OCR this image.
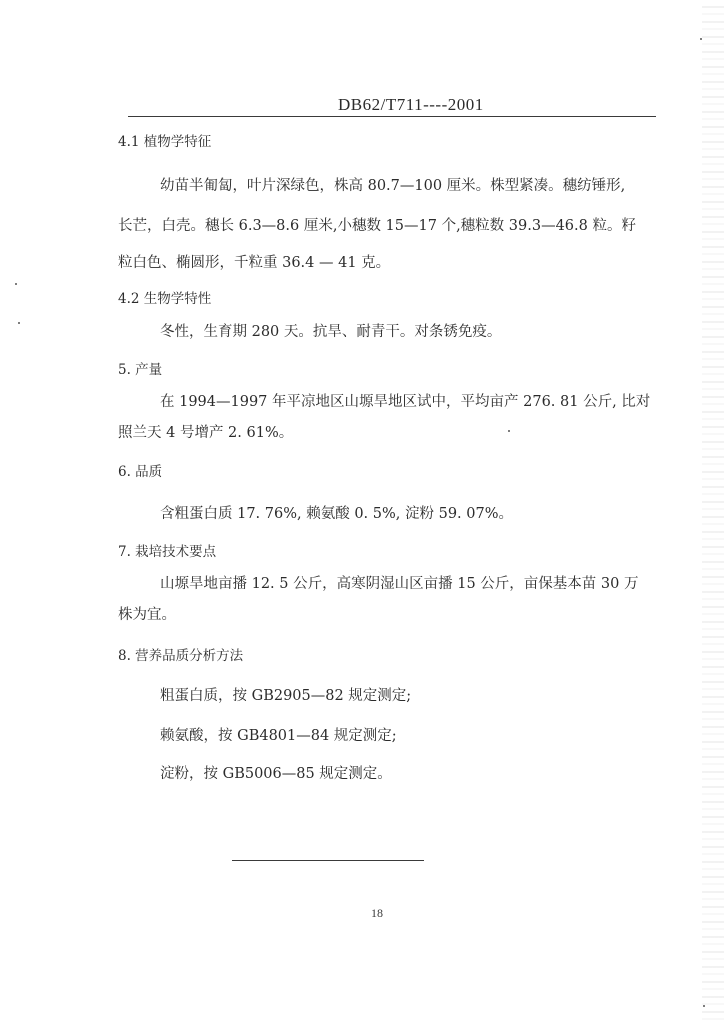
DB62/T711----2001
4.1 植物学特征
幼苗半匍匐，叶片深绿色，株高 80.7—100 厘米。株型紧凑。穗纺锤形,
长芒，白壳。穗长 6.3—8.6 厘米,小穗数 15—17 个,穗粒数 39.3—46.8 粒。籽
粒白色、椭圆形，千粒重 36.4 — 41 克。
4.2 生物学特性
冬性，生育期 280 天。抗旱、耐青干。对条锈免疫。
5. 产量
在 1994—1997 年平凉地区山塬旱地区试中，平均亩产 276. 81 公斤, 比对
照兰天 4 号增产 2. 61%。
6. 品质
含粗蛋白质 17. 76%, 赖氨酸 0. 5%, 淀粉 59. 07%。
7. 栽培技术要点
山塬旱地亩播 12. 5 公斤，高寒阴湿山区亩播 15 公斤，亩保基本苗 30 万
株为宜。
8. 营养品质分析方法
粗蛋白质，按 GB2905—82 规定测定;
赖氨酸，按 GB4801—84 规定测定;
淀粉，按 GB5006—85 规定测定。
18
